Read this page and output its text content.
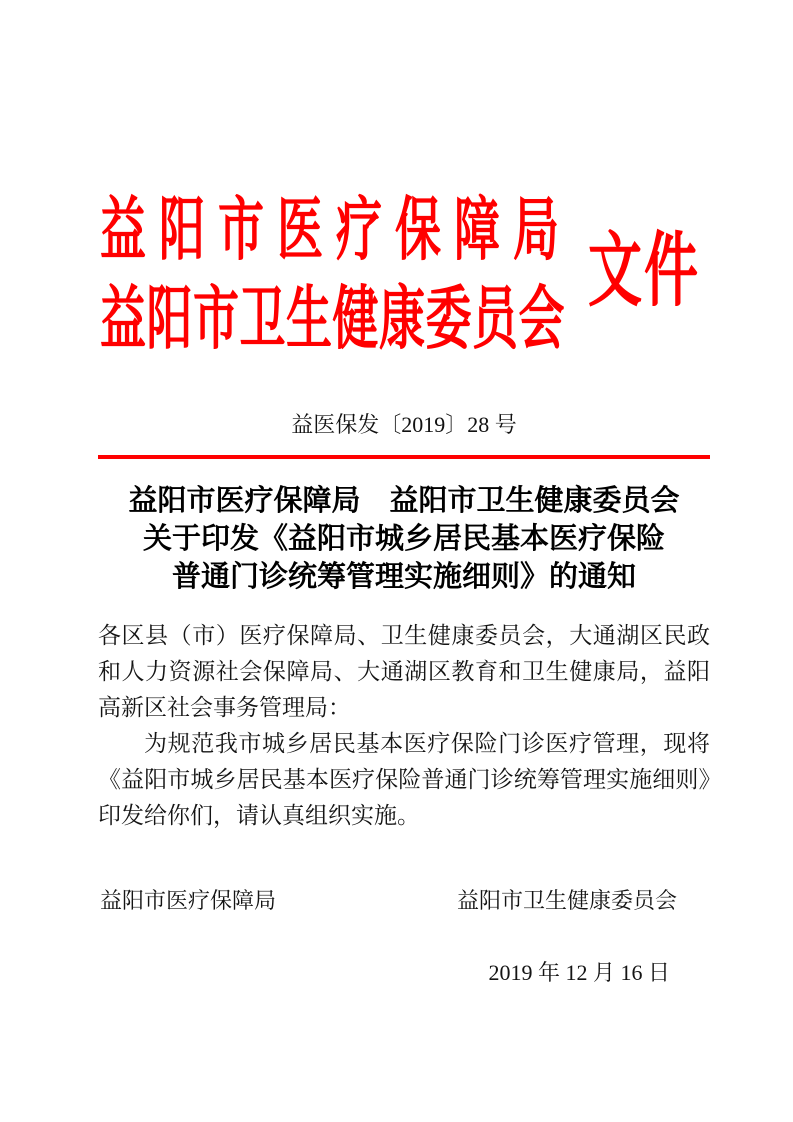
益阳市医疗保障局
益阳市卫生健康委员会
文件
益医保发〔2019〕28 号
益阳市医疗保障局　益阳市卫生健康委员会
关于印发《益阳市城乡居民基本医疗保险
普通门诊统筹管理实施细则》的通知

各区县（市）医疗保障局、卫生健康委员会，大通湖区民政和人力资源社会保障局、大通湖区教育和卫生健康局，益阳高新区社会事务管理局：

为规范我市城乡居民基本医疗保险门诊医疗管理，现将《益阳市城乡居民基本医疗保险普通门诊统筹管理实施细则》印发给你们，请认真组织实施。

益阳市医疗保障局	益阳市卫生健康委员会
2019 年 12 月 16 日
